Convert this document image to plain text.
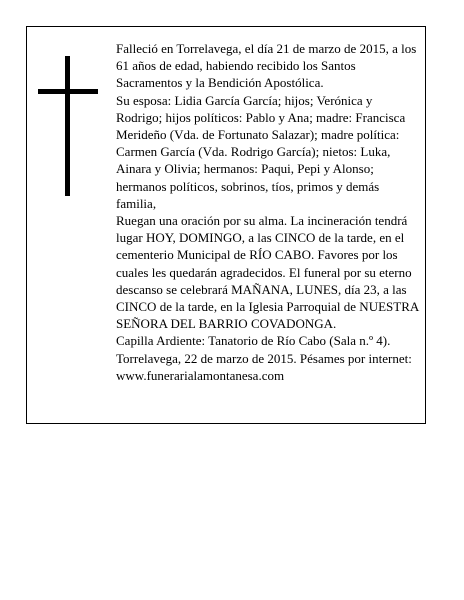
Falleció en Torrelavega, el día 21 de marzo de 2015, a los 61 años de edad, habiendo recibido los Santos Sacramentos y la Bendición Apostólica.

Su esposa: Lidia García García; hijos; Verónica y Rodrigo; hijos políticos: Pablo y Ana; madre: Francisca Merideño (Vda. de Fortunato Salazar); madre política: Carmen García (Vda. Rodrigo García); nietos: Luka, Ainara y Olivia; hermanos: Paqui, Pepi y Alonso; hermanos políticos, sobrinos, tíos, primos y demás familia,

Ruegan una oración por su alma. La incineración tendrá lugar HOY, DOMINGO, a las CINCO de la tarde, en el cementerio Municipal de RÍO CABO. Favores por los cuales les quedarán agradecidos. El funeral por su eterno descanso se celebrará MAÑANA, LUNES, día 23, a las CINCO de la tarde, en la Iglesia Parroquial de NUESTRA SEÑORA DEL BARRIO COVADONGA.

Capilla Ardiente: Tanatorio de Río Cabo (Sala n.º 4).

Torrelavega, 22 de marzo de 2015. Pésames por internet: www.funerarialamontanesa.com
